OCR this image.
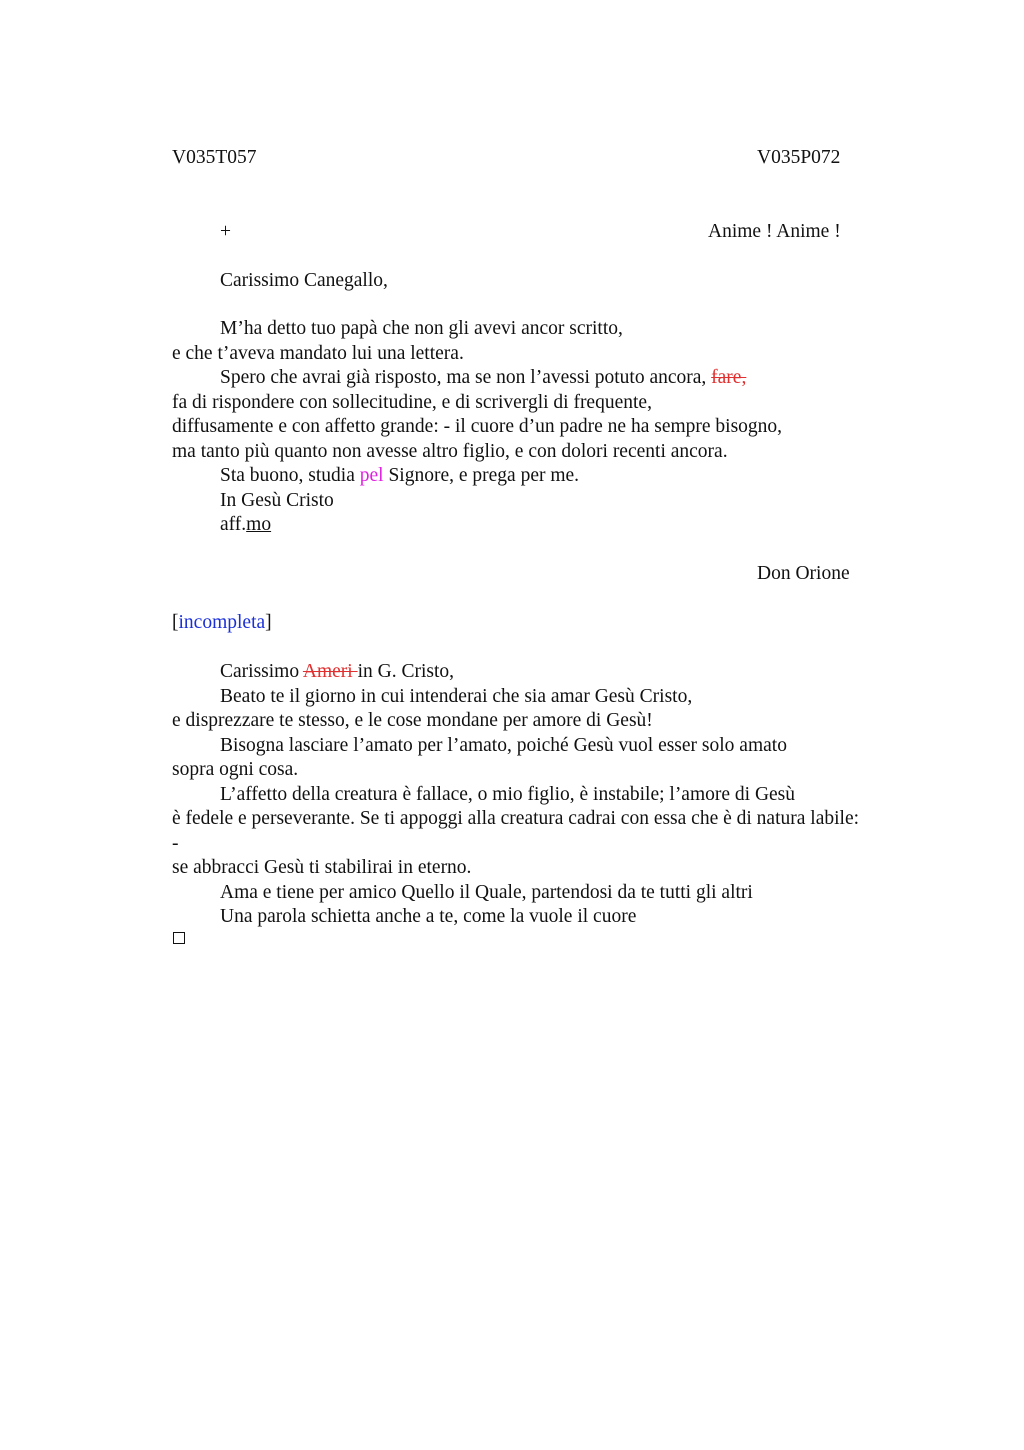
V035T057	V035P072
+	Anime ! Anime !
Carissimo Canegallo,
M’ha detto tuo papà che non gli avevi ancor scritto,
e che t’aveva mandato lui una lettera.
Spero che avrai già risposto, ma se non l’avessi potuto ancora, fare,
fa di rispondere con sollecitudine, e di scrivergli di frequente,
diffusamente e con affetto grande: - il cuore d’un padre ne ha sempre bisogno,
ma tanto più quanto non avesse altro figlio, e con dolori recenti ancora.
Sta buono, studia pel Signore, e prega per me.
In Gesù Cristo
aff.mo
Don Orione
[incompleta]
Carissimo Ameri in G. Cristo,
Beato te il giorno in cui intenderai che sia amar Gesù Cristo,
e disprezzare te stesso, e le cose mondane per amore di Gesù!
Bisogna lasciare l’amato per l’amato, poiché Gesù vuol esser solo amato
sopra ogni cosa.
L’affetto della creatura è fallace, o mio figlio, è instabile; l’amore di Gesù
è fedele e perseverante. Se ti appoggi alla creatura cadrai con essa che è di natura labile:
-
se abbracci Gesù ti stabilirai in eterno.
Ama e tiene per amico Quello il Quale, partendosi da te tutti gli altri
Una parola schietta anche a te, come la vuole il cuore
